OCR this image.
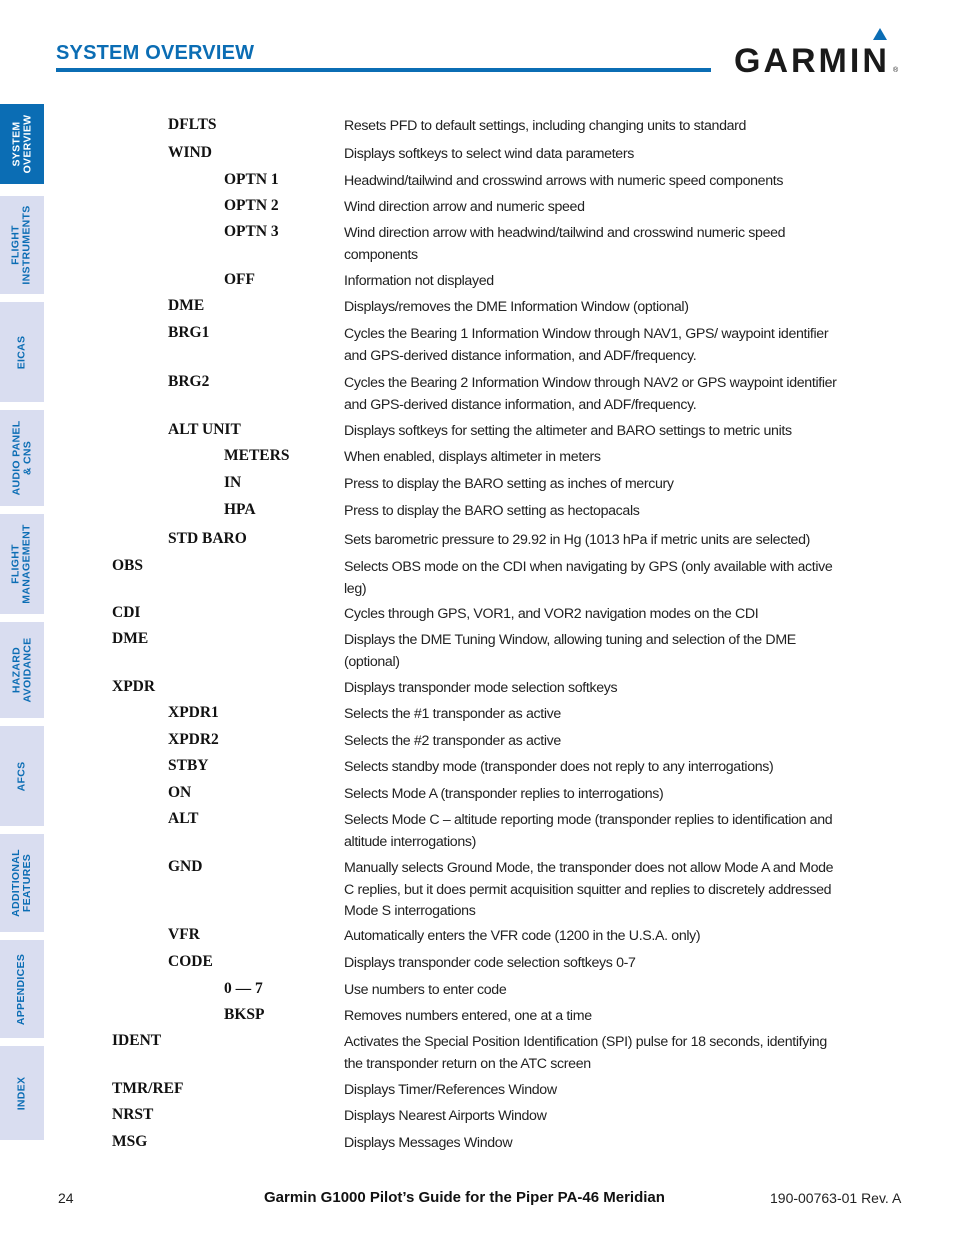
SYSTEM OVERVIEW	GARMIN ®
SYSTEM
OVERVIEW
FLIGHT
INSTRUMENTS
EICAS
AUDIO PANEL
& CNS
FLIGHT
MANAGEMENT
HAZARD
AVOIDANCE
AFCS
ADDITIONAL
FEATURES
APPENDICES
INDEX
DFLTS	Resets PFD to default settings, including changing units to standard
WIND	Displays softkeys to select wind data parameters
OPTN 1	Headwind/tailwind and crosswind arrows with numeric speed components
OPTN 2	Wind direction arrow and numeric speed
OPTN 3	Wind direction arrow with headwind/tailwind and crosswind numeric speed components
OFF	Information not displayed
DME	Displays/removes the DME Information Window (optional)
BRG1	Cycles the Bearing 1 Information Window through NAV1, GPS/ waypoint identifier and GPS-derived distance information, and ADF/frequency.
BRG2	Cycles the Bearing 2 Information Window through NAV2 or GPS waypoint identifier and GPS-derived distance information, and ADF/frequency.
ALT UNIT	Displays softkeys for setting the altimeter and BARO settings to metric units
METERS	When enabled, displays altimeter in meters
IN	Press to display the BARO setting as inches of mercury
HPA	Press to display the BARO setting as hectopacals
STD BARO	Sets barometric pressure to 29.92 in Hg (1013 hPa if metric units are selected)
OBS	Selects OBS mode on the CDI when navigating by GPS (only available with active leg)
CDI	Cycles through GPS, VOR1, and VOR2 navigation modes on the CDI
DME	Displays the DME Tuning Window, allowing tuning and selection of the DME (optional)
XPDR	Displays transponder mode selection softkeys
XPDR1	Selects the #1 transponder as active
XPDR2	Selects the #2 transponder as active
STBY	Selects standby mode (transponder does not reply to any interrogations)
ON	Selects Mode A (transponder replies to interrogations)
ALT	Selects Mode C – altitude reporting mode (transponder replies to identification and altitude interrogations)
GND	Manually selects Ground Mode, the transponder does not allow Mode A and Mode C replies, but it does permit acquisition squitter and replies to discretely addressed Mode S interrogations
VFR	Automatically enters the VFR code (1200 in the U.S.A. only)
CODE	Displays transponder code selection softkeys 0-7
0 — 7	Use numbers to enter code
BKSP	Removes numbers entered, one at a time
IDENT	Activates the Special Position Identification (SPI) pulse for 18 seconds, identifying the transponder return on the ATC screen
TMR/REF	Displays Timer/References Window
NRST	Displays Nearest Airports Window
MSG	Displays Messages Window
24	Garmin G1000 Pilot’s Guide for the Piper PA-46 Meridian	190-00763-01 Rev. A
